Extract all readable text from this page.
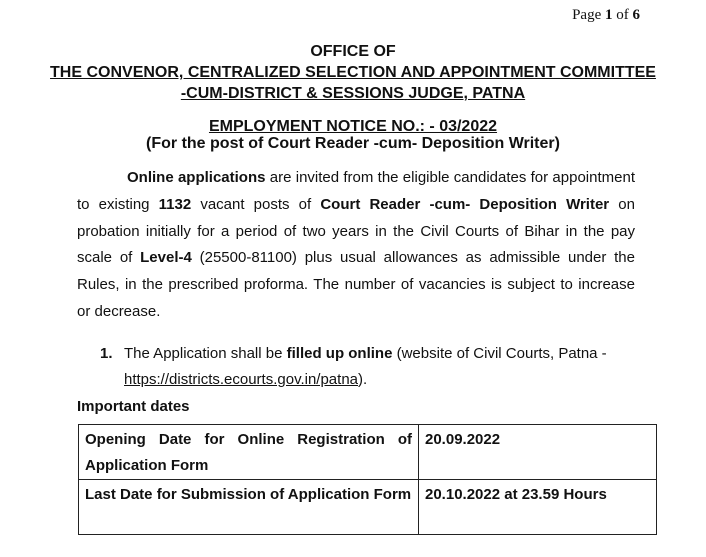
Page 1 of 6
OFFICE OF
THE CONVENOR, CENTRALIZED SELECTION AND APPOINTMENT COMMITTEE
-CUM-DISTRICT & SESSIONS JUDGE, PATNA
EMPLOYMENT NOTICE NO.: - 03/2022
(For the post of Court Reader -cum- Deposition Writer)
Online applications are invited from the eligible candidates for appointment to existing 1132 vacant posts of Court Reader -cum- Deposition Writer on probation initially for a period of two years in the Civil Courts of Bihar in the pay scale of Level-4 (25500-81100) plus usual allowances as admissible under the Rules, in the prescribed proforma. The number of vacancies is subject to increase or decrease.
1. The Application shall be filled up online (website of Civil Courts, Patna - https://districts.ecourts.gov.in/patna).
Important dates
Opening Date for Online Registration of Application Form	20.09.2022
Last Date for Submission of Application Form	20.10.2022 at 23.59 Hours
